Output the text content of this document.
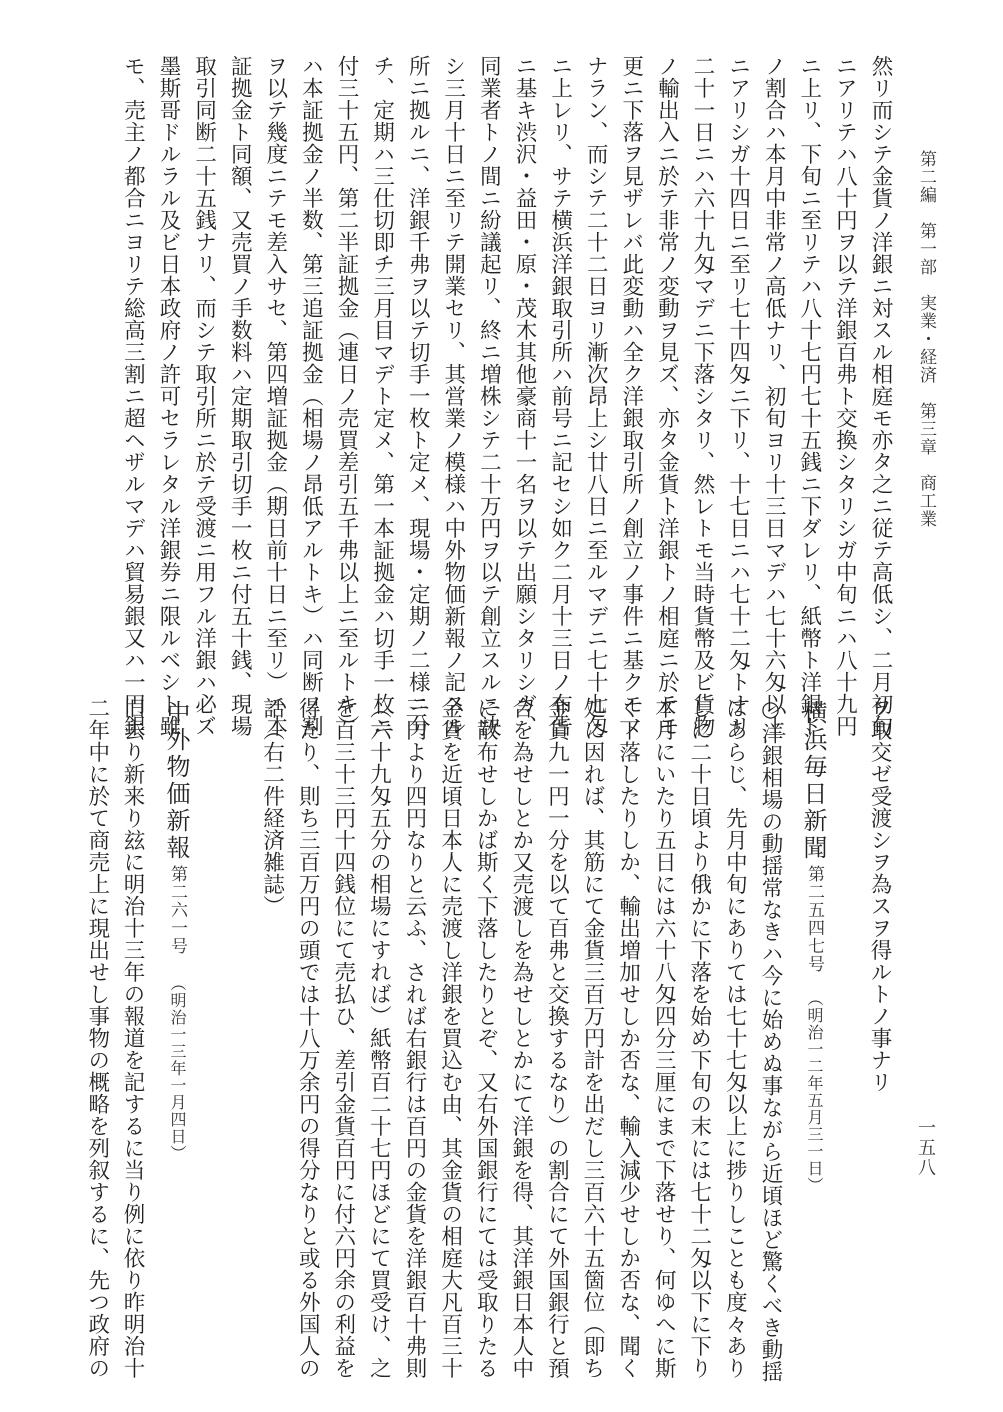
第二編　第一部　実業・経済　第三章　商工業
一五八
然リ而シテ金貨ノ洋銀ニ対スル相庭モ亦タ之ニ従テ高低シ、二月初旬
ニアリテハ八十円ヲ以テ洋銀百弗ト交換シタリシガ中旬ニハ八十九円
ニ上リ、下旬ニ至リテハ八十七円七十五銭ニ下ダレリ、紙幣ト洋銀ト
ノ割合ハ本月中非常ノ高低ナリ、初旬ヨリ十三日マデハ七十六匁以上
ニアリシガ十四日ニ至リ七十四匁ニ下リ、十七日ニハ七十二匁トナリ
二十一日ニハ六十九匁マデニ下落シタリ、然レトモ当時貨幣及ビ貨物
ノ輸出入ニ於テ非常ノ変動ヲ見ズ、亦タ金貨ト洋銀トノ相庭ニ於テモ
更ニ下落ヲ見ザレバ此変動ハ全ク洋銀取引所ノ創立ノ事件ニ基クモノ
ナラン、而シテ二十二日ヨリ漸次昂上シ廿八日ニ至ルマデニ七十七匁
ニ上レリ、サテ横浜洋銀取引所ハ前号ニ記セシ如ク二月十三日ノ布告
ニ基キ渋沢・益田・原・茂木其他豪商十一名ヲ以テ出願シタリシガ、
同業者トノ間ニ紛議起リ、終ニ増株シテ二十万円ヲ以テ創立スルニ決
シ三月十日ニ至リテ開業セリ、其営業ノ模様ハ中外物価新報ノ記スル
所ニ拠ルニ、洋銀千弗ヲ以テ切手一枚ト定メ、現場・定期ノ二様ニ分
チ、定期ハ三仕切即チ三月目マデト定メ、第一本証拠金ハ切手一枚ニ
付三十五円、第二半証拠金（連日ノ売買差引五千弗以上ニ至ルトキ）
ハ本証拠金ノ半数、第三追証拠金（相場ノ昂低アルトキ）ハ同断ノ割
ヲ以テ幾度ニテモ差入サセ、第四増証拠金（期日前十日ニ至リ）ハ本
証拠金ト同額、又売買ノ手数料ハ定期取引切手一枚ニ付五十銭、現場
取引同断二十五銭ナリ、而シテ取引所ニ於テ受渡ニ用フル洋銀ハ必ズ
墨斯哥ドルラル及ビ日本政府ノ許可セラレタル洋銀券ニ限ルベシト雖
モ、売主ノ都合ニヨリテ総高三割ニ超ヘザルマデハ貿易銀又ハ一円銀
ヲ取交ゼ受渡シヲ為スヲ得ルトノ事ナリ
横浜毎日新聞
第二五四七号
（明治一二年五月三一日）
○洋銀相場の動揺常なきハ今に始めぬ事ながら近頃ほど驚くべき動揺
はあらじ、先月中旬にありては七十七匁以上に捗りしことも度々あり
しに二十日頃より俄かに下落を始め下旬の末には七十二匁以下に下り
本月にいたり五日には六十八匁四分三厘にまで下落せり、何ゆへに斯
く下落したりしか、輸出増加せしか否な、輸入減少せしか否な、聞く
処に因れば、其筋にて金貨三百万円計を出だし三百六十五箇位（即ち
金貨九一円一分を以て百弗と交換するなり）の割合にて外国銀行と預
合を為せしとか又売渡しを為せしとかにて洋銀を得、其洋銀日本人中
に散布せしかば斯く下落したりとぞ、又右外国銀行にては受取りたる
金貨を近頃日本人に売渡し洋銀を買込む由、其金貨の相庭大凡百三十
三円より四円なりと云ふ、されば右銀行は百円の金貨を洋銀百十弗則
（六十九匁五分の相場にすれば）紙幣百二十七円ほどにて買受け、之
を百三十三円十四銭位にて売払ひ、差引金貨百円に付六円余の利益を
得たり、則ち三百万円の頭では十八万余円の得分なりと或る外国人の
話（右二件経済雑誌）
中外物価新報
第二六一号
（明治一三年一月四日）
旧去り新来り玆に明治十三年の報道を記するに当り例に依り昨明治十
二年中に於て商売上に現出せし事物の概略を列叙するに、先つ政府の
